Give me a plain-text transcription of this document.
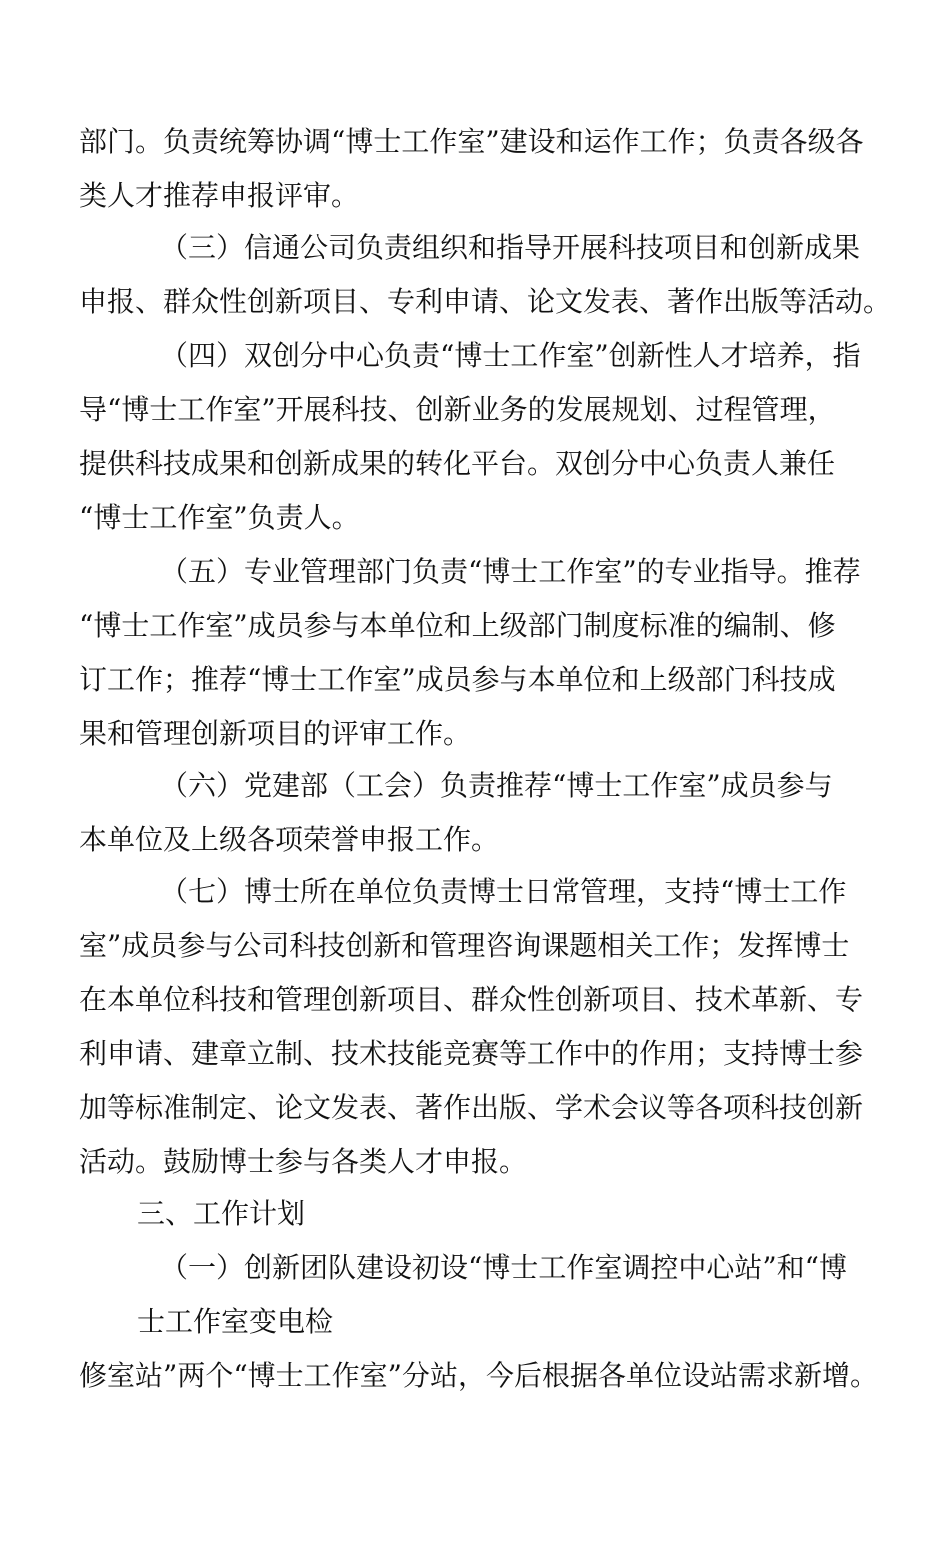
部门。负责统筹协调“博士工作室”建设和运作工作；负责各级各
类人才推荐申报评审。
（三）信通公司负责组织和指导开展科技项目和创新成果
申报、群众性创新项目、专利申请、论文发表、著作出版等活动。
（四）双创分中心负责“博士工作室”创新性人才培养，指
导“博士工作室”开展科技、创新业务的发展规划、过程管理，
提供科技成果和创新成果的转化平台。双创分中心负责人兼任
“博士工作室”负责人。
（五）专业管理部门负责“博士工作室”的专业指导。推荐
“博士工作室”成员参与本单位和上级部门制度标准的编制、修
订工作；推荐“博士工作室”成员参与本单位和上级部门科技成
果和管理创新项目的评审工作。
（六）党建部（工会）负责推荐“博士工作室”成员参与
本单位及上级各项荣誉申报工作。
（七）博士所在单位负责博士日常管理，支持“博士工作
室”成员参与公司科技创新和管理咨询课题相关工作；发挥博士
在本单位科技和管理创新项目、群众性创新项目、技术革新、专
利申请、建章立制、技术技能竞赛等工作中的作用；支持博士参
加等标准制定、论文发表、著作出版、学术会议等各项科技创新
活动。鼓励博士参与各类人才申报。
三、工作计划
（一）创新团队建设初设“博士工作室调控中心站”和“博
士工作室变电检
修室站”两个“博士工作室”分站，今后根据各单位设站需求新增。
